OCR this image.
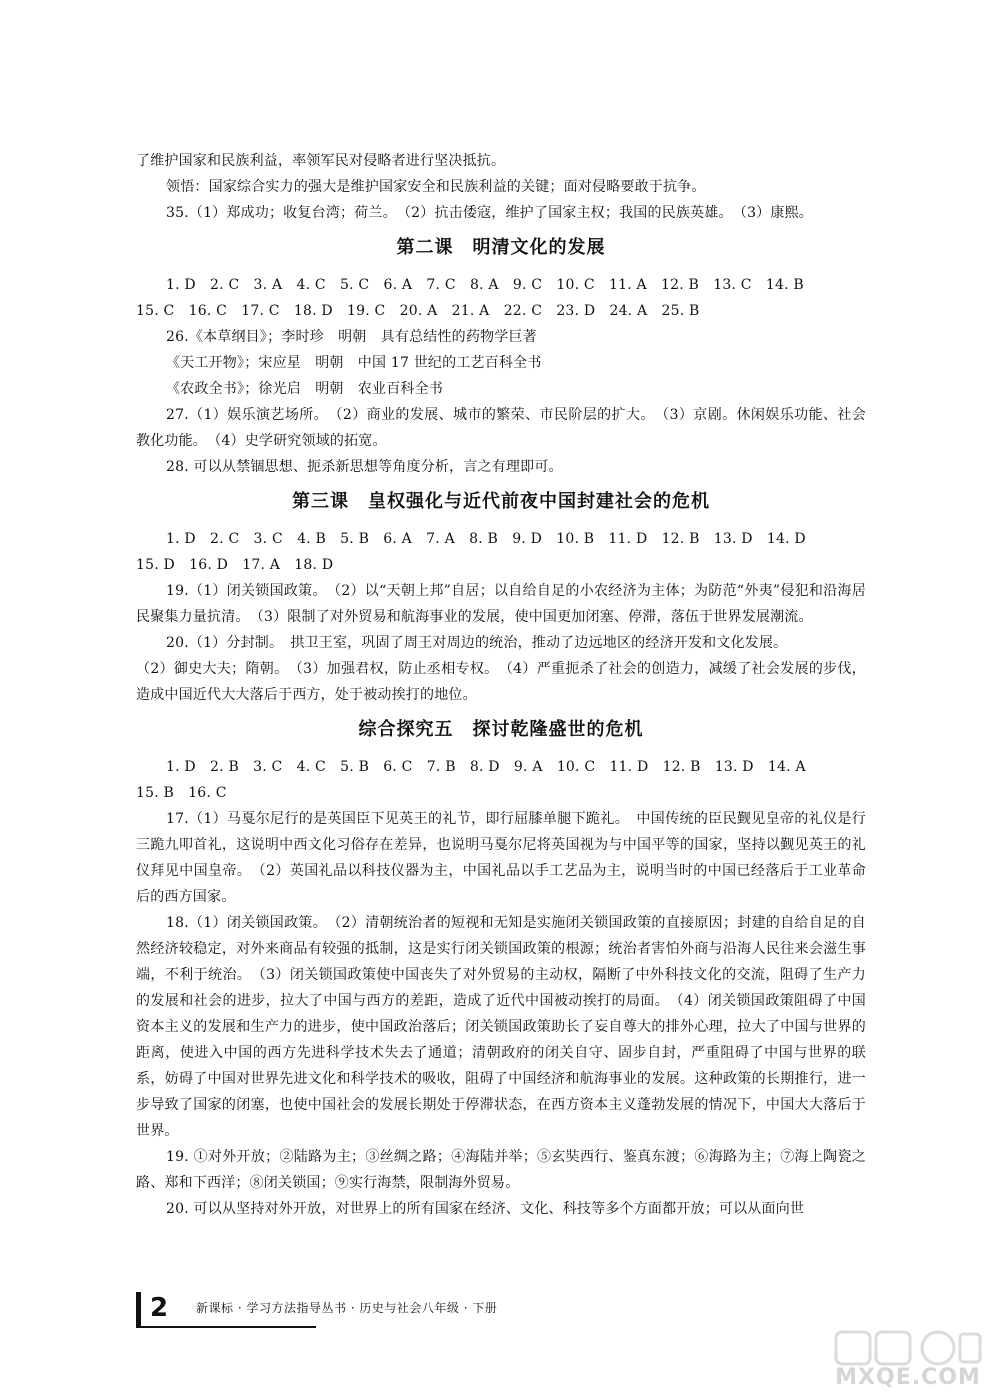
了维护国家和民族利益，率领军民对侵略者进行坚决抵抗。

领悟：国家综合实力的强大是维护国家安全和民族利益的关键；面对侵略要敢于抗争。

35.（1）郑成功；收复台湾；荷兰。　（2）抗击倭寇，维护了国家主权；我国的民族英雄。　（3）康熙。

第二课　明清文化的发展

1. D　2. C　3. A　4. C　5. C　6. A　7. C　8. A　9. C　10. C　11. A　12. B　13. C　14. B

15. C　16. C　17. C　18. D　19. C　20. A　21. A　22. C　23. D　24. A　25. B

26.《本草纲目》；李时珍　明朝　具有总结性的药物学巨著

《天工开物》；宋应星　明朝　中国 17 世纪的工艺百科全书

《农政全书》；徐光启　明朝　农业百科全书

27.（1）娱乐演艺场所。　（2）商业的发展、城市的繁荣、市民阶层的扩大。　（3）京剧。休闲娱乐功能、社会教化功能。　（4）史学研究领域的拓宽。

28. 可以从禁锢思想、扼杀新思想等角度分析，言之有理即可。

第三课　皇权强化与近代前夜中国封建社会的危机

1. D　2. C　3. C　4. B　5. B　6. A　7. A　8. B　9. D　10. B　11. D　12. B　13. D　14. D

15. D　16. D　17. A　18. D

19.（1）闭关锁国政策。　（2）以“天朝上邦”自居；以自给自足的小农经济为主体；为防范“外夷”侵犯和沿海居民聚集力量抗清。　（3）限制了对外贸易和航海事业的发展，使中国更加闭塞、停滞，落伍于世界发展潮流。

20.（1）分封制。　拱卫王室，巩固了周王对周边的统治，推动了边远地区的经济开发和文化发展。

（2）御史大夫；隋朝。　（3）加强君权，防止丞相专权。　（4）严重扼杀了社会的创造力，减缓了社会发展的步伐，造成中国近代大大落后于西方，处于被动挨打的地位。

综合探究五　探讨乾隆盛世的危机

1. D　2. B　3. C　4. C　5. B　6. C　7. B　8. D　9. A　10. C　11. D　12. B　13. D　14. A

15. B　16. C

17.（1）马戛尔尼行的是英国臣下见英王的礼节，即行屈膝单腿下跪礼。　中国传统的臣民觐见皇帝的礼仪是行三跪九叩首礼，这说明中西文化习俗存在差异，也说明马戛尔尼将英国视为与中国平等的国家，坚持以觐见英王的礼仪拜见中国皇帝。　（2）英国礼品以科技仪器为主，中国礼品以手工艺品为主，说明当时的中国已经落后于工业革命后的西方国家。

18.（1）闭关锁国政策。　（2）清朝统治者的短视和无知是实施闭关锁国政策的直接原因；封建的自给自足的自然经济较稳定，对外来商品有较强的抵制，这是实行闭关锁国政策的根源；统治者害怕外商与沿海人民往来会滋生事端，不利于统治。　（3）闭关锁国政策使中国丧失了对外贸易的主动权，隔断了中外科技文化的交流，阻碍了生产力的发展和社会的进步，拉大了中国与西方的差距，造成了近代中国被动挨打的局面。　（4）闭关锁国政策阻碍了中国资本主义的发展和生产力的进步，使中国政治落后；闭关锁国政策助长了妄自尊大的排外心理，拉大了中国与世界的距离，使进入中国的西方先进科学技术失去了通道；清朝政府的闭关自守、固步自封，严重阻碍了中国与世界的联系，妨碍了中国对世界先进文化和科学技术的吸收，阻碍了中国经济和航海事业的发展。这种政策的长期推行，进一步导致了国家的闭塞，也使中国社会的发展长期处于停滞状态，在西方资本主义蓬勃发展的情况下，中国大大落后于世界。

19. ①对外开放；②陆路为主；③丝绸之路；④海陆并举；⑤玄奘西行、鉴真东渡；⑥海路为主；⑦海上陶瓷之路、郑和下西洋；⑧闭关锁国；⑨实行海禁，限制海外贸易。

20. 可以从坚持对外开放，对世界上的所有国家在经济、文化、科技等多个方面都开放；可以从面向世

2 新课标 · 学习方法指导丛书 · 历史与社会八年级 · 下册
MXQE.COM
